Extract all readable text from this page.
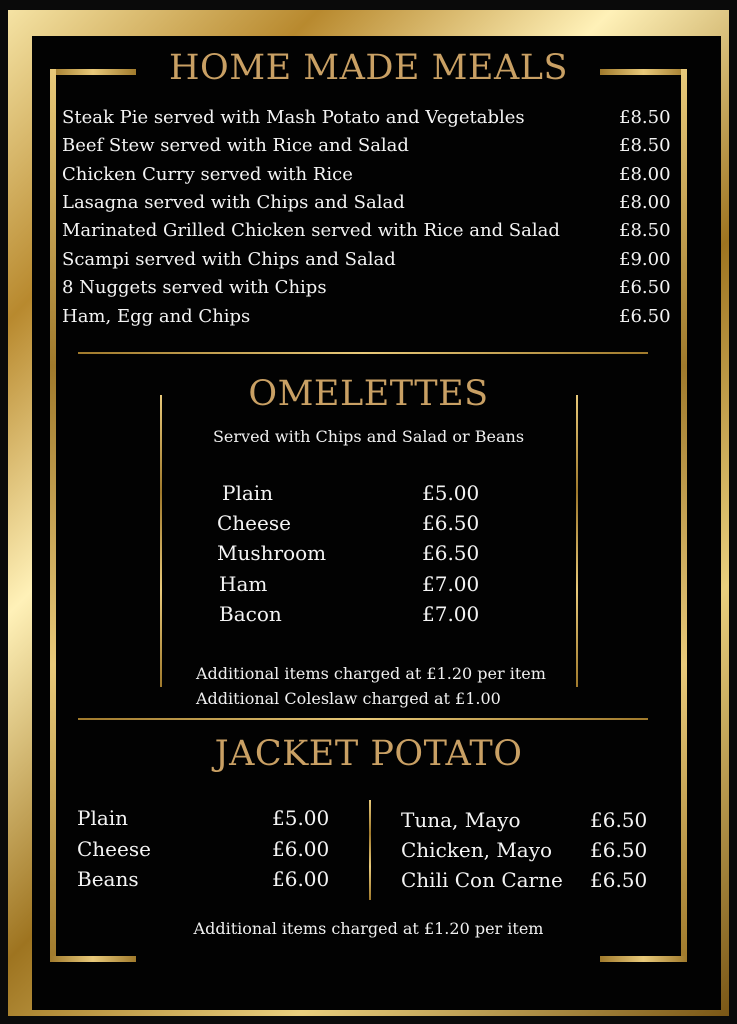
HOME MADE MEALS
Steak Pie served with Mash Potato and Vegetables	£8.50
Beef Stew served with Rice and Salad	£8.50
Chicken Curry served with Rice	£8.00
Lasagna served with Chips and Salad	£8.00
Marinated Grilled Chicken served with Rice and Salad	£8.50
Scampi served with Chips and Salad	£9.00
8 Nuggets served with Chips	£6.50
Ham, Egg and Chips	£6.50
OMELETTES
Served with Chips and Salad or Beans
Plain	£5.00
Cheese	£6.50
Mushroom	£6.50
Ham	£7.00
Bacon	£7.00
Additional items charged at £1.20 per item
Additional Coleslaw charged at £1.00
JACKET POTATO
Plain	£5.00
Cheese	£6.00
Beans	£6.00
Tuna, Mayo	£6.50
Chicken, Mayo £6.50
Chili Con Carne £6.50
Additional items charged at £1.20 per item
